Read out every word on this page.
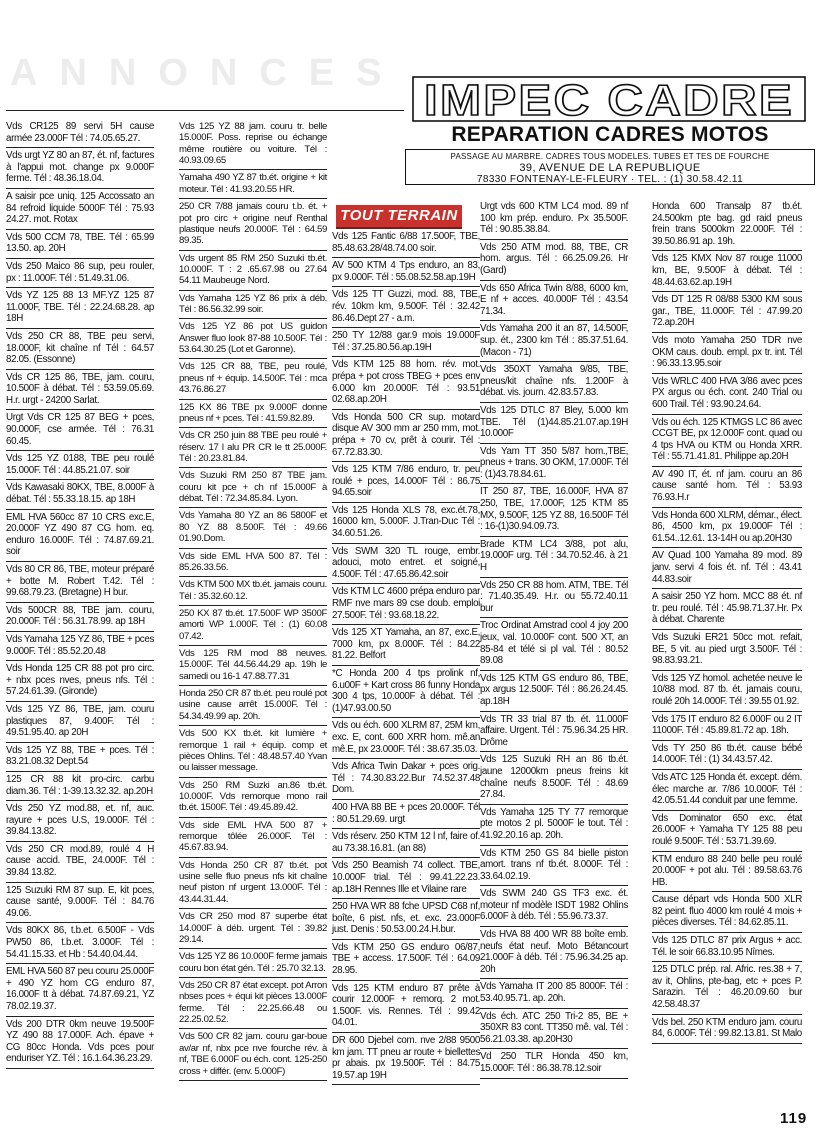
ANNONCES
IMPEC CADRE
REPARATION CADRES MOTOS
PASSAGE AU MARBRE. CADRES TOUS MODELES. TUBES ET TES DE FOURCHE
39, AVENUE DE LA REPUBLIQUE
78330 FONTENAY-LE-FLEURY · TEL. : (1) 30.58.42.11
TOUT TERRAIN
Vds CR125 89 servi 5H cause armée 23.000F Tél : 74.05.65.27.
Vds urgt YZ 80 an 87, ét. nf, factures à l'appui mot. change px 9.000F ferme. Tél : 48.36.18.04.
A saisir pce uniq. 125 Accossato an 84 refroid liquide 5000F Tél : 75.93 24.27. mot. Rotax
Vds 500 CCM 78, TBE. Tél : 65.99 13.50. ap. 20H
Vds 250 Maico 86 sup, peu rouler, px : 11.000F. Tél : 51.49.31.06.
Vds YZ 125 88 13 MF.YZ 125 87 11.000F, TBE. Tél : 22.24.68.28. ap 18H
Vds 250 CR 88, TBE peu servi, 18.000F, kit chaîne nf Tél : 64.57 82.05. (Essonne)
Vds CR 125 86, TBE, jam. couru, 10.500F à débat. Tél : 53.59.05.69. H.r. urgt - 24200 Sarlat.
Urgt Vds CR 125 87 BEG + pces, 90.000F, cse armée. Tél : 76.31 60.45.
Vds 125 YZ 0188, TBE peu roulé 15.000F. Tél : 44.85.21.07. soir
Vds Kawasaki 80KX, TBE, 8.000F à débat. Tél : 55.33.18.15. ap 18H
EML HVA 560cc 87 10 CRS exc.E, 20.000F YZ 490 87 CG hom. eq. enduro 16.000F. Tél : 74.87.69.21. soir
Vds 80 CR 86, TBE, moteur préparé + botte M. Robert T.42. Tél : 99.68.79.23. (Bretagne) H bur.
Vds 500CR 88, TBE jam. couru, 20.000F. Tél : 56.31.78.99. ap 18H
Vds Yamaha 125 YZ 86, TBE + pces 9.000F. Tél : 85.52.20.48
Vds Honda 125 CR 88 pot pro circ. + nbx pces nves, pneus nfs. Tél : 57.24.61.39. (Gironde)
Vds 125 YZ 86, TBE, jam. couru plastiques 87, 9.400F. Tél : 49.51.95.40. ap 20H
Vds 125 YZ 88, TBE + pces. Tél : 83.21.08.32 Dept.54
125 CR 88 kit pro-circ. carbu diam.36. Tél : 1-39.13.32.32. ap.20H
Vds 250 YZ mod.88, et. nf, auc. rayure + pces U.S, 19.000F. Tél : 39.84.13.82.
Vds 250 CR mod.89, roulé 4 H cause accid. TBE, 24.000F. Tél : 39.84 13.82.
125 Suzuki RM 87 sup. E, kit pces, cause santé, 9.000F. Tél : 84.76 49.06.
Vds 80KX 86, t.b.et. 6.500F - Vds PW50 86, t.b.et. 3.000F. Tél : 54.41.15.33. et Hb : 54.40.04.44.
EML HVA 560 87 peu couru 25.000F + 490 YZ hom CG enduro 87, 16.000F tt à débat. 74.87.69.21, YZ 78.02.19.37.
Vds 200 DTR 0km neuve 19.500F YZ 490 88 17.000F. Ach. épave + CG 80cc Honda. Vds pces pour enduriser YZ. Tél : 16.1.64.36.23.29.
Vds 125 YZ 88 jam. couru tr. belle 15.000F. Poss. reprise ou échange même routière ou voiture. Tél : 40.93.09.65
Yamaha 490 YZ 87 tb.ét. origine + kit moteur. Tél : 41.93.20.55 HR.
250 CR 7/88 jamais couru t.b. ét. + pot pro circ + origine neuf Renthal plastique neufs 20.000F. Tél : 64.59 89.35.
Vds urgent 85 RM 250 Suzuki tb.ét. 10.000F. T : 2 .65.67.98 ou 27.64 54.11 Maubeuge Nord.
Vds Yamaha 125 YZ 86 prix à déb. Tél : 86.56.32.99 soir.
Vds 125 YZ 86 pot US guidon Answer fluo look 87-88 10.500F. Tél : 53.64.30.25 (Lot et Garonne).
Vds 125 CR 88, TBE, peu roulé, pneus nf + équip. 14.500F. Tél : mca 43.76.86.27
125 KX 86 TBE px 9.000F donne pneus nf + pces. Tél : 41.59.82.89.
Vds CR 250 juin 88 TBE peu roulé + réserv. 17 l alu PR CR le tt 25.000F. Tél : 20.23.81.84.
Vds Suzuki RM 250 87 TBE jam. couru kit pce + ch nf 15.000F à débat. Tél : 72.34.85.84. Lyon.
Vds Yamaha 80 YZ an 86 5800F et 80 YZ 88 8.500F. Tél : 49.66 01.90.Dom.
Vds side EML HVA 500 87. Tél : 85.26.33.56.
Vds KTM 500 MX tb.ét. jamais couru. Tél : 35.32.60.12.
250 KX 87 tb.ét. 17.500F WP 3500F amorti WP 1.000F. Tél : (1) 60.08 07.42.
Vds 125 RM mod 88 neuves. 15.000F. Tél 44.56.44.29 ap. 19h le samedi ou 16-1 47.88.77.31
Honda 250 CR 87 tb.ét. peu roulé pot usine cause arrêt 15.000F. Tél : 54.34.49.99 ap. 20h.
Vds 500 KX tb.ét. kit lumière + remorque 1 rail + équip. comp et pièces Ohlins. Tél : 48.48.57.40 Yvan ou laisser message.
Vds 250 RM Suzki an.86 tb.ét. 10.000F. Vds remorque mono rail tb.ét. 1500F. Tél : 49.45.89.42.
Vds side EML HVA 500 87 + remorque tôlée 26.000F. Tél : 45.67.83.94.
Vds Honda 250 CR 87 tb.ét. pot usine selle fluo pneus nfs kit chaîne neuf piston nf urgent 13.000F. Tél : 43.44.31.44.
Vds CR 250 mod 87 superbe état 14.000F à déb. urgent. Tél : 39.82 29.14.
Vds 125 YZ 86 10.000F ferme jamais couru bon état gén. Tél : 25.70 32.13.
Vds 250 CR 87 état except. pot Arron nbses pces + équi kit pièces 13.000F ferme. Tél : 22.25.66.48 ou 22.25.02.52.
Vds 500 CR 82 jam. couru gar-boue av/ar nf, nbx pce nve fourche rév. à nf, TBE 6.000F ou éch. cont. 125-250 cross + différ. (env. 5.000F)
Vds 125 Fantic 6/88 17.500F, TBE, 85.48.63.28/48.74.00 soir.
AV 500 KTM 4 Tps enduro, an 83, px 9.000F. Tél : 55.08.52.58.ap.19H
Vds 125 TT Guzzi, mod. 88, TBE, rév. 10km km, 9.500F. Tél : 32.42 86.46.Dept 27 - a.m.
250 TY 12/88 gar.9 mois 19.000F Tél : 37.25.80.56.ap.19H
Vds KTM 125 88 hom. rév. mot. prépa + pot cross TBEG + pces env 6.000 km 20.000F. Tél : 93.51 02.68.ap.20H
Vds Honda 500 CR sup. motard disque AV 300 mm ar 250 mm, mot. prépa + 70 cv, prêt à courir. Tél : 67.72.83.30.
Vds 125 KTM 7/86 enduro, tr. peu roulé + pces, 14.000F Tél : 86.75 94.65.soir
Vds 125 Honda XLS 78, exc.ét.78, 16000 km, 5.000F. J.Tran-Duc Tél : 34.60.51.26.
Vds SWM 320 TL rouge, embr. adouci, moto entret. et soigné, 4.500F. Tél : 47.65.86.42.soir
Vds KTM LC 4600 prépa enduro par RMF nve mars 89 cse doub. emploi 27.500F. Tél : 93.68.18.22.
Vds 125 XT Yamaha, an 87, exc.E, 7000 km, px 8.000F. Tél : 84.22 81.22. Belfort
*C Honda 200 4 tps prolink nf, 6.u00F + Kart cross 86 funny Honda 300 4 tps, 10.000F à débat. Tél : (1)47.93.00.50
Vds ou éch. 600 XLRM 87, 25M km, exc. E, cont. 600 XRR hom. mê.an mê.E, px 23.000F. Tél : 38.67.35.03.
Vds Africa Twin Dakar + pces orig. Tél : 74.30.83.22.Bur 74.52.37.48 Dom.
400 HVA 88 BE + pces 20.000F. Tél : 80.51.29.69. urgt
Vds réserv. 250 KTM 12 l nf, faire of. au 73.38.16.81. (an 88)
Vds 250 Beamish 74 collect. TBE, 10.000F trial. Tél : 99.41.22.23. ap.18H Rennes Ille et Vilaine rare
250 HVA WR 88 fche UPSD C68 nf, boîte, 6 pist. nfs, et. exc. 23.000F just. Denis : 50.53.00.24.H.bur.
Vds KTM 250 GS enduro 06/87, TBE + access. 17.500F. Tél : 64.09 28.95.
Vds 125 KTM enduro 87 prête à courir 12.000F + remorq. 2 mot. 1.500F. vis. Rennes. Tél : 99.42 04.01.
DR 600 Djebel com. nve 2/88 9500 km jam. TT pneu ar route + biellettes pr abais. px 19.500F. Tél : 84.75 19.57.ap 19H
Urgt vds 600 KTM LC4 mod. 89 nf 100 km prép. enduro. Px 35.500F. Tél : 90.85.38.84.
Vds 250 ATM mod. 88, TBE, CR hom. argus. Tél : 66.25.09.26. Hr (Gard)
Vds 650 Africa Twin 8/88, 6000 km, E nf + acces. 40.000F Tél : 43.54 71.34.
Vds Yamaha 200 it an 87, 14.500F, sup. ét., 2300 km Tél : 85.37.51.64. (Macon - 71)
Vds 350XT Yamaha 9/85, TBE, pneus/kit chaîne nfs. 1.200F à débat. vis. journ. 42.83.57.83.
Vds 125 DTLC 87 Bley, 5.000 km TBE. Tél (1)44.85.21.07.ap.19H 10.000F
Vds Yam TT 350 5/87 hom.,TBE, pneus + trans. 30 OKM, 17.000F. Tél : (1)43.78.84.61.
IT 250 87, TBE, 16.000F, HVA 87 250, TBE, 17.000F, 125 KTM 85 MX, 9.500F, 125 YZ 88, 16.500F Tél : 16-(1)30.94.09.73.
Brade KTM LC4 3/88, pot alu, 19.000F urg. Tél : 34.70.52.46. à 21 H
Vds 250 CR 88 hom. ATM, TBE. Tél : 71.40.35.49. H.r. ou 55.72.40.11 bur
Troc Ordinat Amstrad cool 4 joy 200 jeux, val. 10.000F cont. 500 XT, an 85-84 et télé si pl val. Tél : 80.52 89.08
Vds 125 KTM GS enduro 86, TBE, px argus 12.500F. Tél : 86.26.24.45. ap.18H
Vds TR 33 trial 87 tb. ét. 11.000F affaire. Urgent. Tél : 75.96.34.25 HR. Drôme
Vds 125 Suzuki RH an 86 tb.ét. jaune 12000km pneus freins kit chaîne neufs 8.500F. Tél : 48.69 27.84.
Vds Yamaha 125 TY 77 remorque pte motos 2 pl. 5000F le tout. Tél : 41.92.20.16 ap. 20h.
Vds KTM 250 GS 84 bielle piston amort. trans nf tb.ét. 8.000F. Tél : 33.64.02.19.
Vds SWM 240 GS TF3 exc. ét. moteur nf modèle ISDT 1982 Ohlins 6.000F à déb. Tél : 55.96.73.37.
Vds HVA 88 400 WR 88 boîte emb. neufs état neuf. Moto Bétancourt 21.000F à déb. Tél : 75.96.34.25 ap. 20h
Vds Yamaha IT 200 85 8000F. Tél : 53.40.95.71. ap. 20h.
Vds éch. ATC 250 Tri-2 85, BE + 350XR 83 cont. TT350 mê. val. Tél : 56.21.03.38. ap.20H30
Vd 250 TLR Honda 450 km, 15.000F. Tél : 86.38.78.12.soir
Honda 600 Transalp 87 tb.ét. 24.500km pte bag. gd raid pneus frein trans 5000km 22.000F. Tél : 39.50.86.91 ap. 19h.
Vds 125 KMX Nov 87 rouge 11000 km, BE, 9.500F à débat. Tél : 48.44.63.62.ap.19H
Vds DT 125 R 08/88 5300 KM sous gar., TBE, 11.000F. Tél : 47.99.20 72.ap.20H
Vds moto Yamaha 250 TDR nve OKM caus. doub. empl. px tr. int. Tél : 96.33.13.95.soir
Vds WRLC 400 HVA 3/86 avec pces PX argus ou éch. cont. 240 Trial ou 600 Trail. Tél : 93.90.24.64.
Vds ou éch. 125 KTMGS LC 86 avec CCGT BE, px 12.000F cont. quad ou 4 tps HVA ou KTM ou Honda XRR. Tél : 55.71.41.81. Philippe ap.20H
AV 490 IT, ét. nf jam. couru an 86 cause santé hom. Tél : 53.93 76.93.H.r
Vds Honda 600 XLRM, démar., élect. 86, 4500 km, px 19.000F Tél : 61.54..12.61. 13-14H ou ap.20H30
AV Quad 100 Yamaha 89 mod. 89 janv. servi 4 fois ét. nf. Tél : 43.41 44.83.soir
A saisir 250 YZ hom. MCC 88 ét. nf tr. peu roulé. Tél : 45.98.71.37.Hr. Px à débat. Charente
Vds Suzuki ER21 50cc mot. refait, BE, 5 vit. au pied urgt 3.500F. Tél : 98.83.93.21.
Vds 125 YZ homol. achetée neuve le 10/88 mod. 87 tb. ét. jamais couru, roulé 20h 14.000F. Tél : 39.55 01.92.
Vds 175 IT enduro 82 6.000F ou 2 IT 11000F. Tél : 45.89.81.72 ap. 18h.
Vds TY 250 86 tb.ét. cause bébé 14.000F. Tél : (1) 34.43.57.42.
Vds ATC 125 Honda ét. except. dém. élec marche ar. 7/86 10.000F. Tél : 42.05.51.44 conduit par une femme.
Vds Dominator 650 exc. état 26.000F + Yamaha TY 125 88 peu roulé 9.500F. Tél : 53.71.39.69.
KTM enduro 88 240 belle peu roulé 20.000F + pot alu. Tél : 89.58.63.76 HB.
Cause départ vds Honda 500 XLR 82 peint. fluo 4000 km roulé 4 mois + pièces diverses. Tél : 84.62.85.11.
Vds 125 DTLC 87 prix Argus + acc. Tél. le soir 66.83.10.95 Nîmes.
125 DTLC prép. ral. Afric. res.38 + 7, av it, Ohlins, pte-bag, etc + pces P. Sarazin. Tél : 46.20.09.60 bur 42.58.48.37
Vds bel. 250 KTM enduro jam. couru 84, 6.000F. Tél : 99.82.13.81. St Malo
119
